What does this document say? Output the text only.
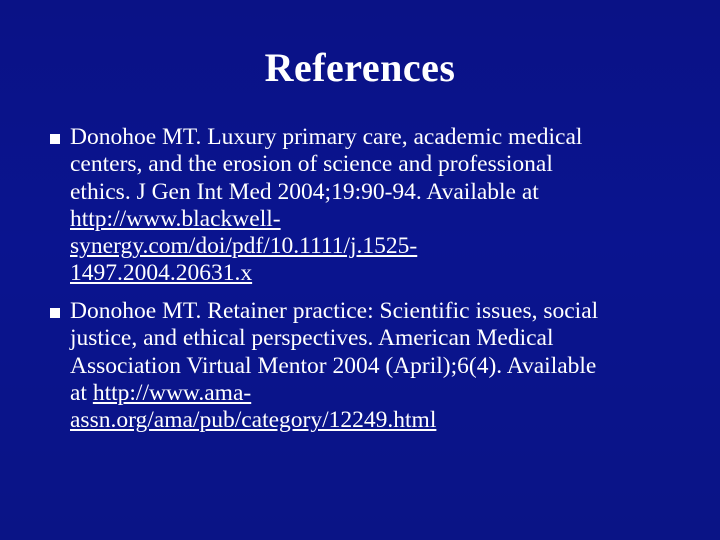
References
Donohoe MT. Luxury primary care, academic medical
centers, and the erosion of science and professional
ethics. J Gen Int Med 2004;19:90-94. Available at
http://www.blackwell-
synergy.com/doi/pdf/10.1111/j.1525-
1497.2004.20631.x
Donohoe MT. Retainer practice: Scientific issues, social
justice, and ethical perspectives. American Medical
Association Virtual Mentor 2004 (April);6(4). Available
at http://www.ama-
assn.org/ama/pub/category/12249.html
